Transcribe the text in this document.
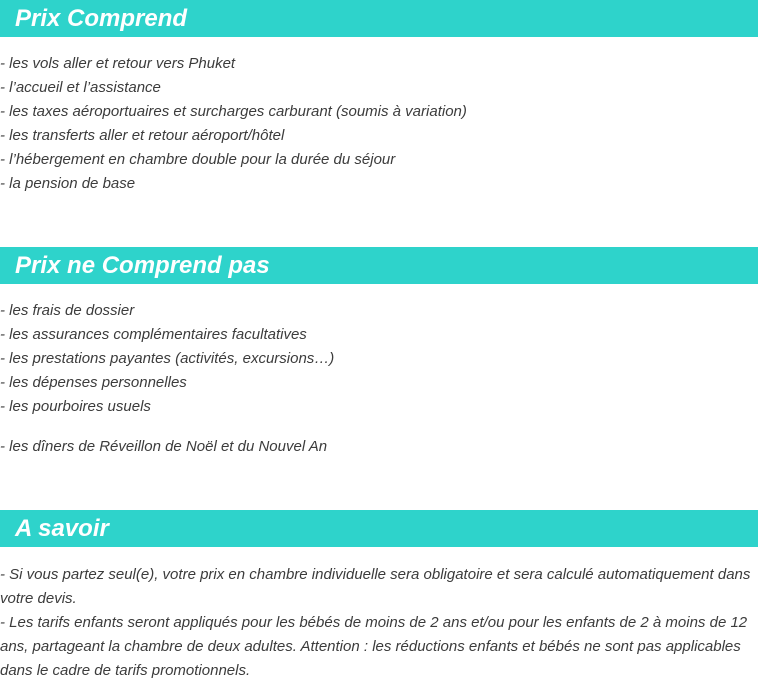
Prix Comprend
- les vols aller et retour vers Phuket
- l’accueil et l’assistance
- les taxes aéroportuaires et surcharges carburant (soumis à variation)
- les transferts aller et retour aéroport/hôtel
- l’hébergement en chambre double pour la durée du séjour
- la pension de base
Prix ne Comprend pas
- les frais de dossier
- les assurances complémentaires facultatives
- les prestations payantes (activités, excursions…)
- les dépenses personnelles
- les pourboires usuels
- les dîners de Réveillon de Noël et du Nouvel An
A savoir

- Si vous partez seul(e), votre prix en chambre individuelle sera obligatoire et sera calculé automatiquement dans votre devis.

- Les tarifs enfants seront appliqués pour les bébés de moins de 2 ans et/ou pour les enfants de 2 à moins de 12 ans, partageant la chambre de deux adultes. Attention : les réductions enfants et bébés ne sont pas applicables dans le cadre de tarifs promotionnels.
